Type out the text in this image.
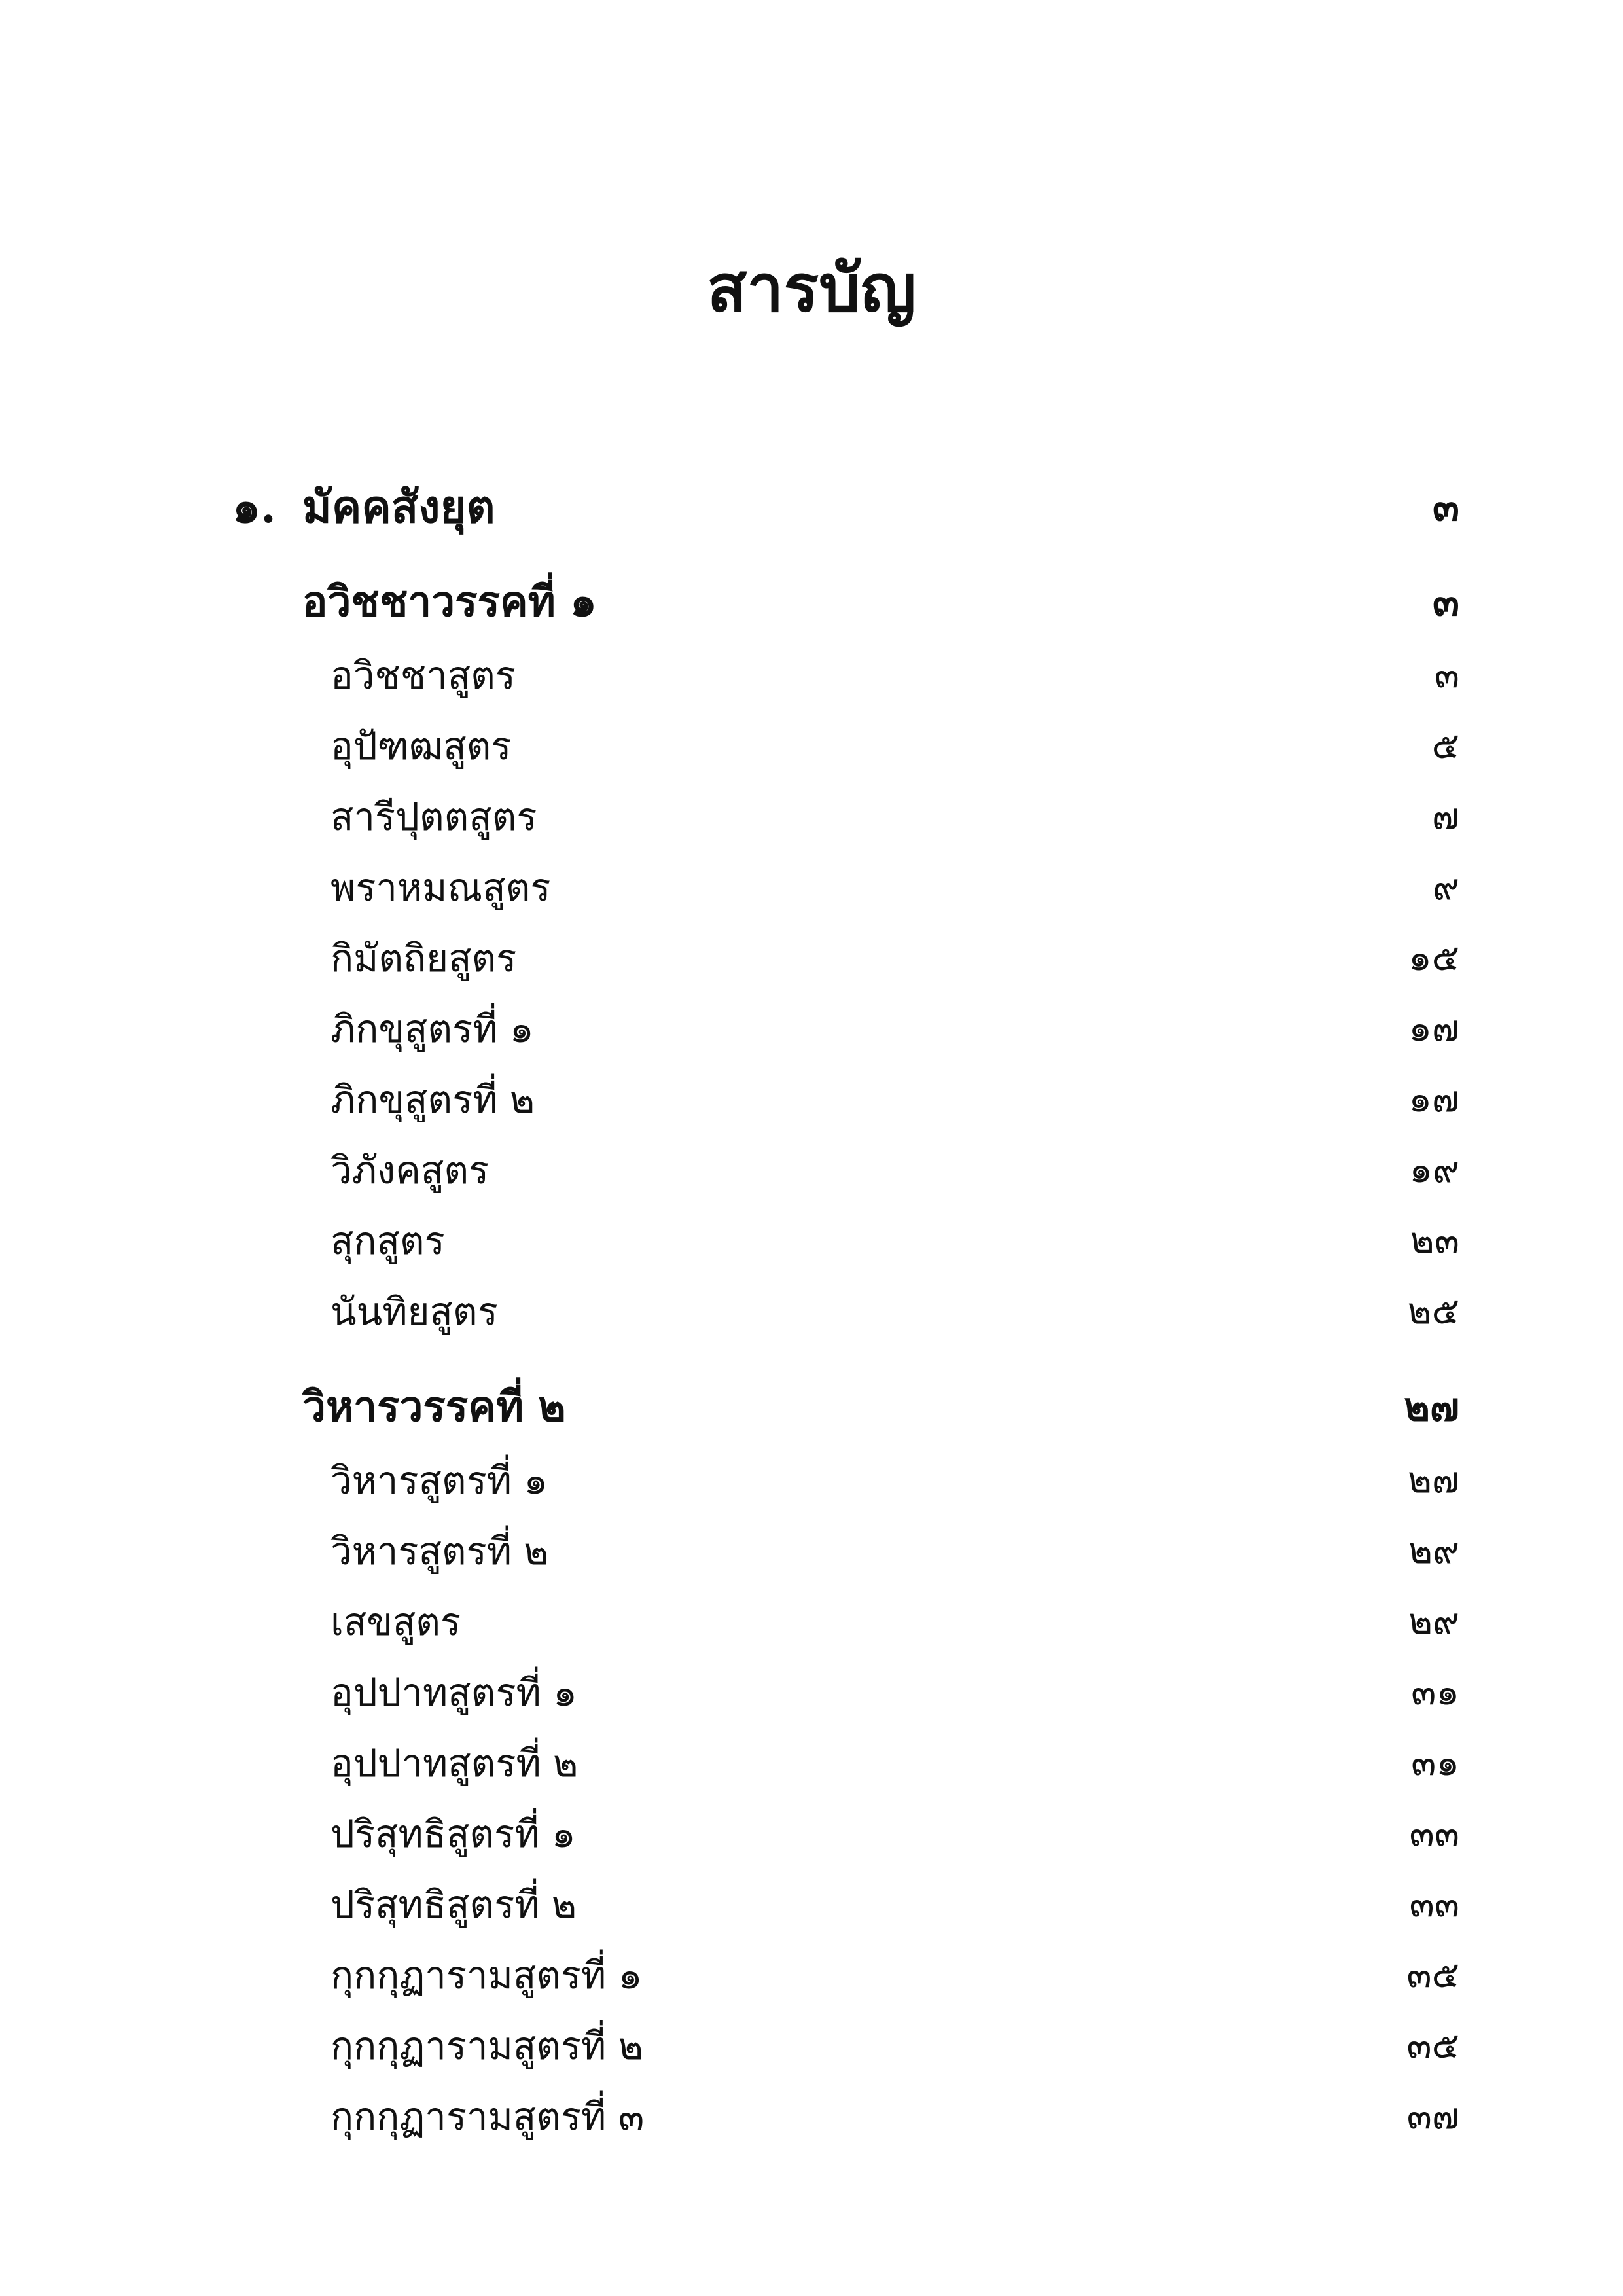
สารบัญ
๑. มัคคสังยุต	๓
อวิชชาวรรคที่ ๑	๓
อวิชชาสูตร	๓
อุปัฑฒสูตร	๕
สารีปุตตสูตร	๗
พราหมณสูตร	๙
กิมัตถิยสูตร	๑๕
ภิกขุสูตรที่ ๑	๑๗
ภิกขุสูตรที่ ๒	๑๗
วิภังคสูตร	๑๙
สุกสูตร	๒๓
นันทิยสูตร	๒๕
วิหารวรรคที่ ๒	๒๗
วิหารสูตรที่ ๑	๒๗
วิหารสูตรที่ ๒	๒๙
เสขสูตร	๒๙
อุปปาทสูตรที่ ๑	๓๑
อุปปาทสูตรที่ ๒	๓๑
ปริสุทธิสูตรที่ ๑	๓๓
ปริสุทธิสูตรที่ ๒	๓๓
กุกกุฏารามสูตรที่ ๑	๓๕
กุกกุฏารามสูตรที่ ๒	๓๕
กุกกุฏารามสูตรที่ ๓	๓๗
